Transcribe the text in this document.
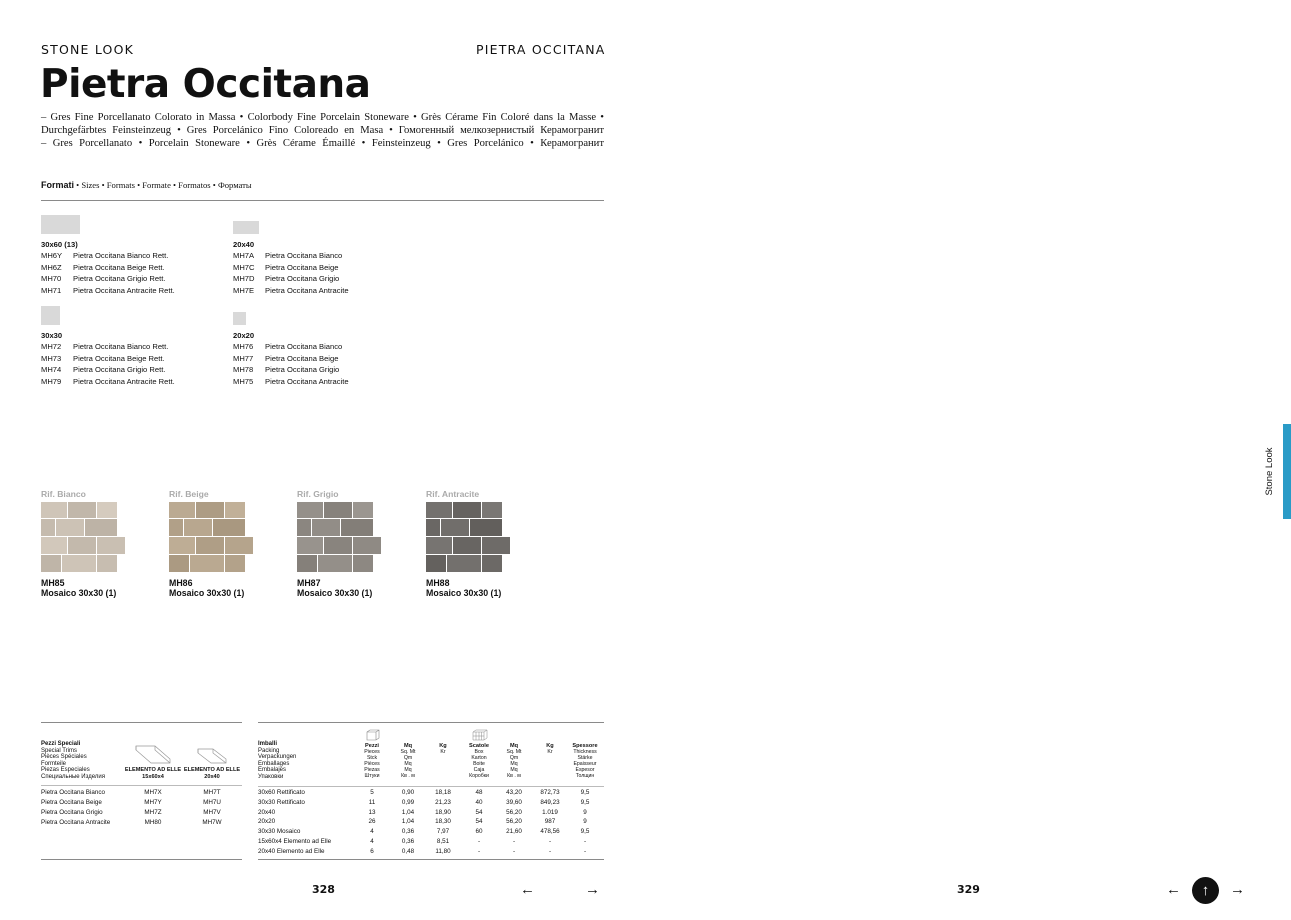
STONE LOOK	PIETRA OCCITANA
Pietra Occitana
– Gres Fine Porcellanato Colorato in Massa • Colorbody Fine Porcelain Stoneware • Grès Cérame Fin Coloré dans la Masse •
Durchgefärbtes Feinsteinzeug • Gres Porcelánico Fino Coloreado en Masa • Гомогенный мелкозернистый Керамогранит
– Gres Porcellanato • Porcelain Stoneware • Grès Cérame Émaillé • Feinsteinzeug • Gres Porcelánico • Керамогранит
Formati • Sizes • Formats • Formate • Formatos • Форматы
30x60 (13)
MH6Y	Pietra Occitana Bianco Rett.
MH6Z	Pietra Occitana Beige Rett.
MH70	Pietra Occitana Grigio Rett.
MH71	Pietra Occitana Antracite Rett.
20x40
MH7A	Pietra Occitana Bianco
MH7C	Pietra Occitana Beige
MH7D	Pietra Occitana Grigio
MH7E	Pietra Occitana Antracite
30x30
MH72	Pietra Occitana Bianco Rett.
MH73	Pietra Occitana Beige Rett.
MH74	Pietra Occitana Grigio Rett.
MH79	Pietra Occitana Antracite Rett.
20x20
MH76	Pietra Occitana Bianco
MH77	Pietra Occitana Beige
MH78	Pietra Occitana Grigio
MH75	Pietra Occitana Antracite
Rif. Bianco
MH85
Mosaico 30x30 (1)
Rif. Beige
MH86
Mosaico 30x30 (1)
Rif. Grigio
MH87
Mosaico 30x30 (1)
Rif. Antracite
MH88
Mosaico 30x30 (1)
Pezzi Speciali
Special Trims
Pièces Spéciales
Formteile
Piezas Especiales
Специальные Изделия
ELEMENTO AD ELLE
15x60x4
ELEMENTO AD ELLE
20x40
Pietra Occitana Bianco	MH7X	MH7T
Pietra Occitana Beige	MH7Y	MH7U
Pietra Occitana Grigio	MH7Z	MH7V
Pietra Occitana Antracite	MH80	MH7W
Imballi
Packing
Verpackungen
Emballages
Embalajes
Упаковки
Pezzi
Pieces
Stck
Pièces
Piezas
Штуки
Mq
Sq. Mt
Qm
Mq
Mq
Кв . м
Kg
Kr
Scatole
Box
Karton
Boite
Caja
Коробки
Mq
Sq. Mt
Qm
Mq
Mq
Кв . м
Kg
Kr
Spessore
Thickness
Stärke
Epaisseur
Espesor
Толщин
30x60 Rettificato	5	0,90	18,18	48	43,20	872,73	9,5
30x30 Rettificato	11	0,99	21,23	40	39,60	849,23	9,5
20x40	13	1,04	18,90	54	56,20	1.019	9
20x20	26	1,04	18,30	54	56,20	987	9
30x30 Mosaico	4	0,36	7,97	60	21,60	478,56	9,5
15x60x4 Elemento ad Elle	4	0,36	8,51	-	-	-	-
20x40 Elemento ad Elle	6	0,48	11,80	-	-	-	-
328	←	→	329	← ↑ →
Stone Look
